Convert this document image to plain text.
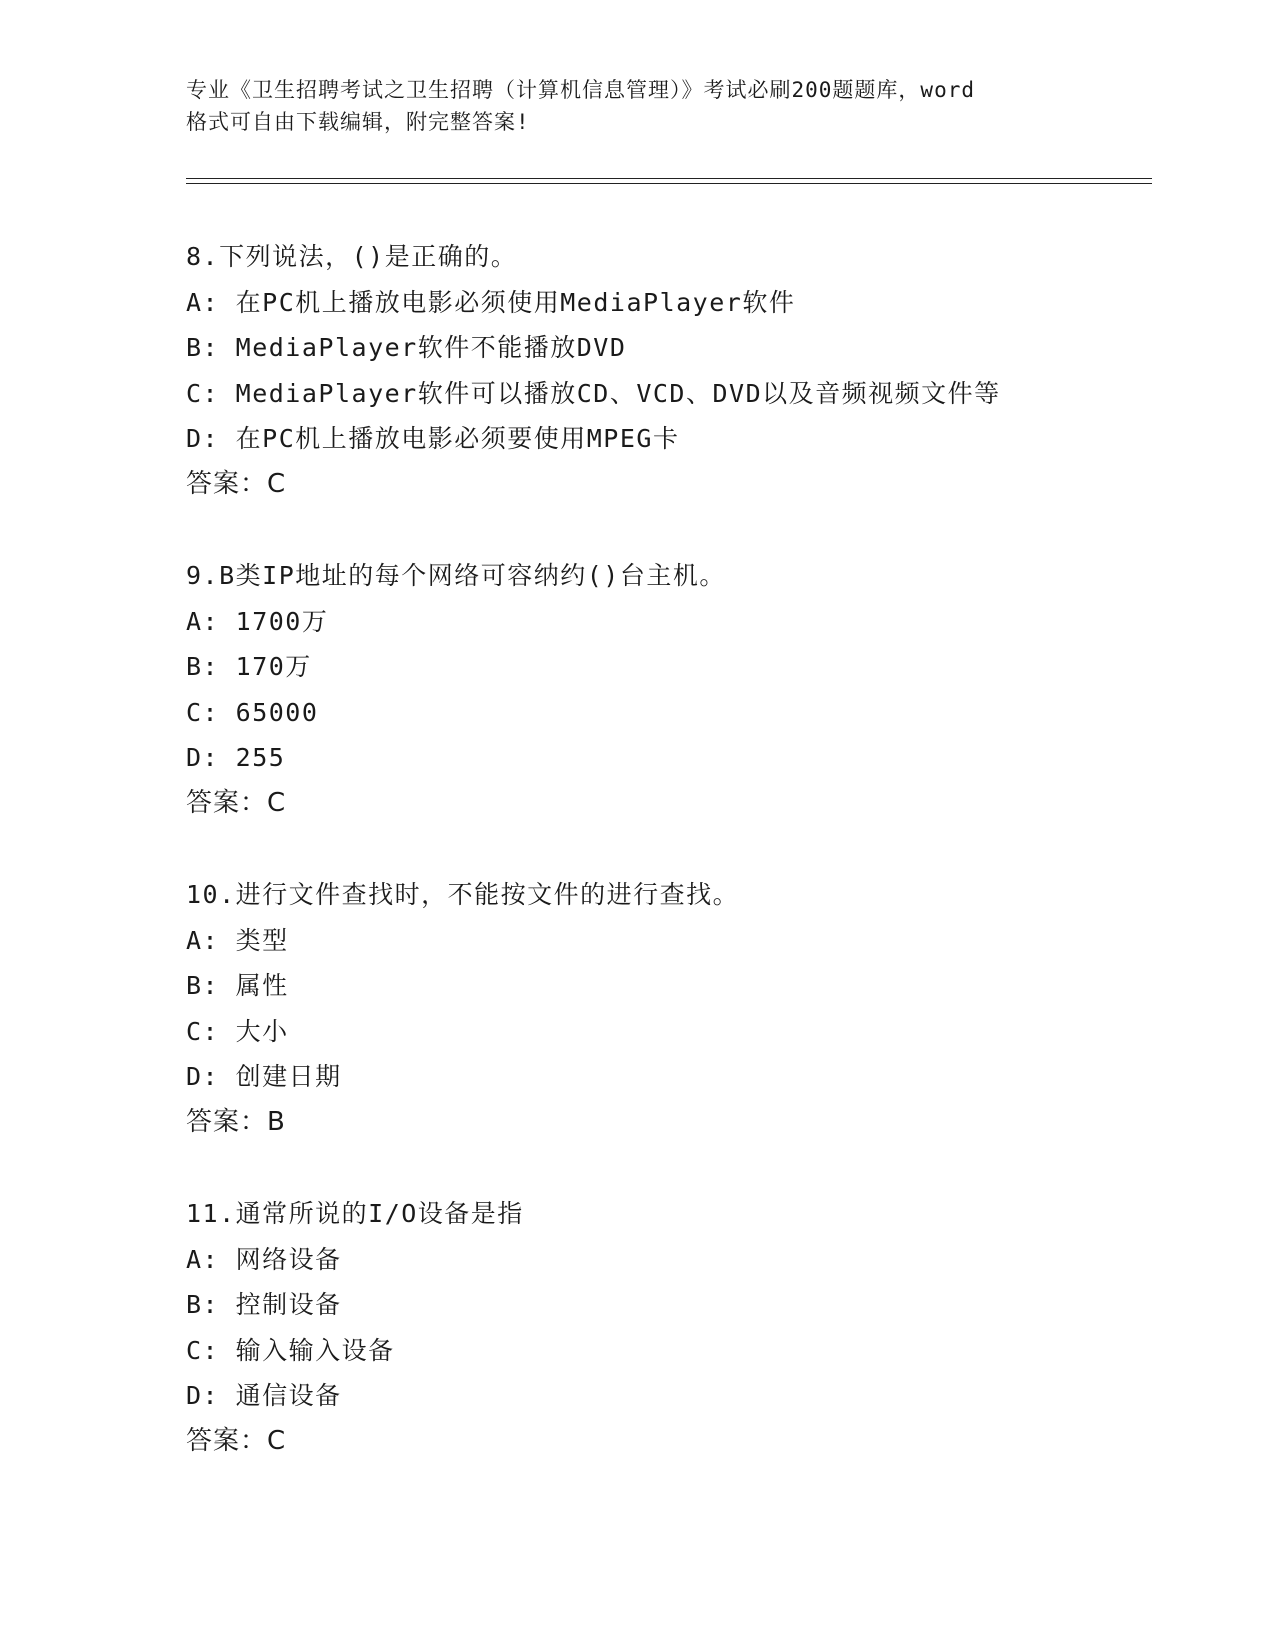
专业《卫生招聘考试之卫生招聘（计算机信息管理）》考试必刷200题题库，word
格式可自由下载编辑，附完整答案!
8.下列说法，()是正确的。
A: 在PC机上播放电影必须使用MediaPlayer软件
B: MediaPlayer软件不能播放DVD
C: MediaPlayer软件可以播放CD、VCD、DVD以及音频视频文件等
D: 在PC机上播放电影必须要使用MPEG卡
答案：C
9.B类IP地址的每个网络可容纳约()台主机。
A: 1700万
B: 170万
C: 65000
D: 255
答案：C
10.进行文件查找时，不能按文件的进行查找。
A: 类型
B: 属性
C: 大小
D: 创建日期
答案：B
11.通常所说的I/O设备是指
A: 网络设备
B: 控制设备
C: 输入输入设备
D: 通信设备
答案：C
